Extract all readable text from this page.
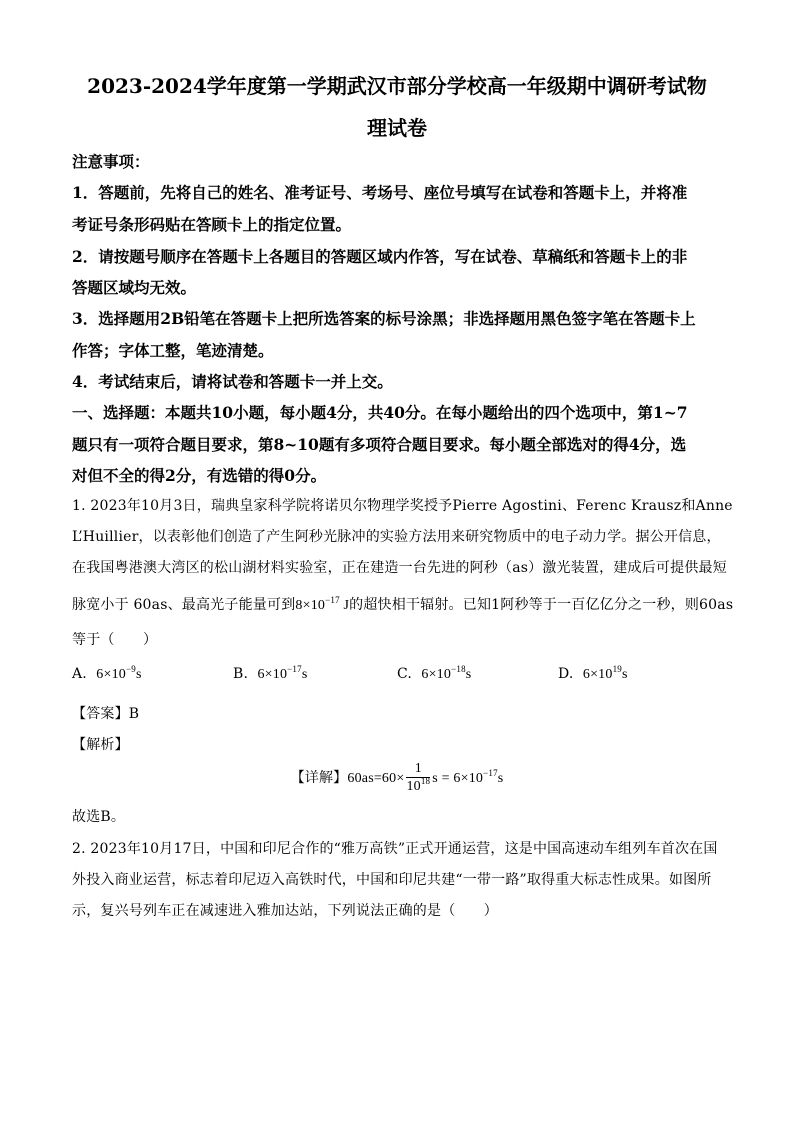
2023-2024学年度第一学期武汉市部分学校高一年级期中调研考试物
理试卷
注意事项：
1．答题前，先将自己的姓名、准考证号、考场号、座位号填写在试卷和答题卡上，并将准
考证号条形码贴在答顾卡上的指定位置。
2．请按题号顺序在答题卡上各题目的答题区域内作答，写在试卷、草稿纸和答题卡上的非
答题区域均无效。
3．选择题用2B铅笔在答题卡上把所选答案的标号涂黑；非选择题用黑色签字笔在答题卡上
作答；字体工整，笔迹清楚。
4．考试结束后，请将试卷和答题卡一并上交。
一、选择题：本题共10小题，每小题4分，共40分。在每小题给出的四个选项中，第1~7
题只有一项符合题目要求，第8~10题有多项符合题目要求。每小题全部选对的得4分，选
对但不全的得2分，有选错的得0分。
1. 2023年10月3日，瑞典皇家科学院将诺贝尔物理学奖授予Pierre Agostini、Ferenc Krausz和Anne
L’Huillier，以表彰他们创造了产生阿秒光脉冲的实验方法用来研究物质中的电子动力学。据公开信息，
在我国粤港澳大湾区的松山湖材料实验室，正在建造一台先进的阿秒（as）激光装置，建成后可提供最短
脉宽小于 60as、最高光子能量可到$8\times 10^{-17}$ J的超快相干辐射。已知1阿秒等于一百亿亿分之一秒，则60as
等于（　　）
A. $6\times 10^{-9}s$	B. $6\times 10^{-17}s$	C. $6\times 10^{-18}s$	D. $6\times 10^{19}s$
【答案】B
【解析】
【详解】$60as=60\times \frac{1}{10^{18}}$ $s = 6\times 10^{-17}s$
故选B。
2. 2023年10月17日，中国和印尼合作的“雅万高铁”正式开通运营，这是中国高速动车组列车首次在国
外投入商业运营，标志着印尼迈入高铁时代，中国和印尼共建“一带一路”取得重大标志性成果。如图所
示，复兴号列车正在减速进入雅加达站，下列说法正确的是（　　）
